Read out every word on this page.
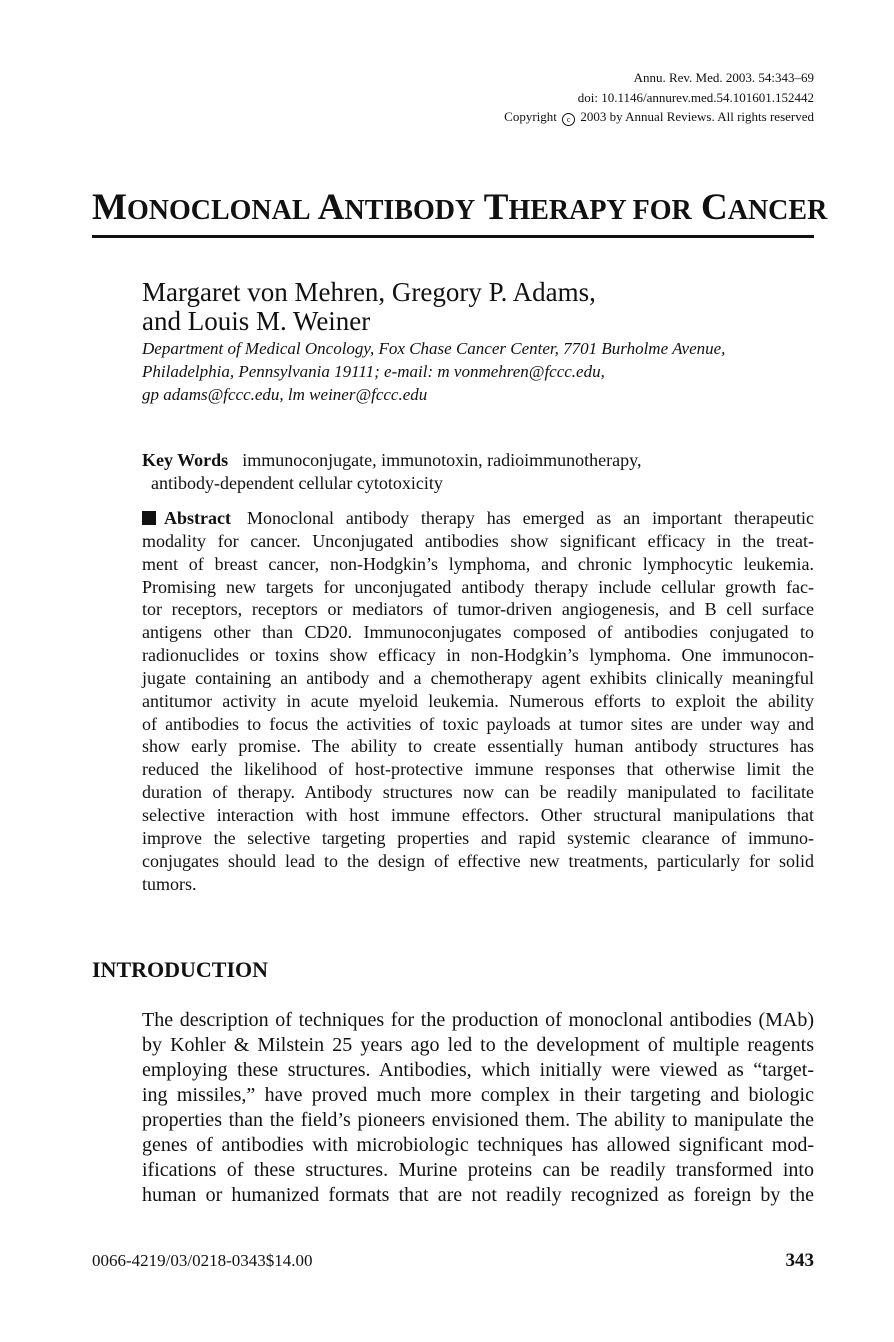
Annu. Rev. Med. 2003. 54:343–69
doi: 10.1146/annurev.med.54.101601.152442
Copyright c 2003 by Annual Reviews. All rights reserved
MONOCLONAL ANTIBODY THERAPY FOR CANCER
Margaret von Mehren, Gregory P. Adams,
and Louis M. Weiner
Department of Medical Oncology, Fox Chase Cancer Center, 7701 Burholme Avenue,
Philadelphia, Pennsylvania 19111; e-mail: m vonmehren@fccc.edu,
gp adams@fccc.edu, lm weiner@fccc.edu
Key Words immunoconjugate, immunotoxin, radioimmunotherapy,
antibody-dependent cellular cytotoxicity
Abstract Monoclonal antibody therapy has emerged as an important therapeutic
modality for cancer. Unconjugated antibodies show significant efficacy in the treat-
ment of breast cancer, non-Hodgkin’s lymphoma, and chronic lymphocytic leukemia.
Promising new targets for unconjugated antibody therapy include cellular growth fac-
tor receptors, receptors or mediators of tumor-driven angiogenesis, and B cell surface
antigens other than CD20. Immunoconjugates composed of antibodies conjugated to
radionuclides or toxins show efficacy in non-Hodgkin’s lymphoma. One immunocon-
jugate containing an antibody and a chemotherapy agent exhibits clinically meaningful
antitumor activity in acute myeloid leukemia. Numerous efforts to exploit the ability
of antibodies to focus the activities of toxic payloads at tumor sites are under way and
show early promise. The ability to create essentially human antibody structures has
reduced the likelihood of host-protective immune responses that otherwise limit the
duration of therapy. Antibody structures now can be readily manipulated to facilitate
selective interaction with host immune effectors. Other structural manipulations that
improve the selective targeting properties and rapid systemic clearance of immuno-
conjugates should lead to the design of effective new treatments, particularly for solid
tumors.
INTRODUCTION
The description of techniques for the production of monoclonal antibodies (MAb)
by Kohler & Milstein 25 years ago led to the development of multiple reagents
employing these structures. Antibodies, which initially were viewed as “target-
ing missiles,” have proved much more complex in their targeting and biologic
properties than the field’s pioneers envisioned them. The ability to manipulate the
genes of antibodies with microbiologic techniques has allowed significant mod-
ifications of these structures. Murine proteins can be readily transformed into
human or humanized formats that are not readily recognized as foreign by the
0066-4219/03/0218-0343$14.00	343
